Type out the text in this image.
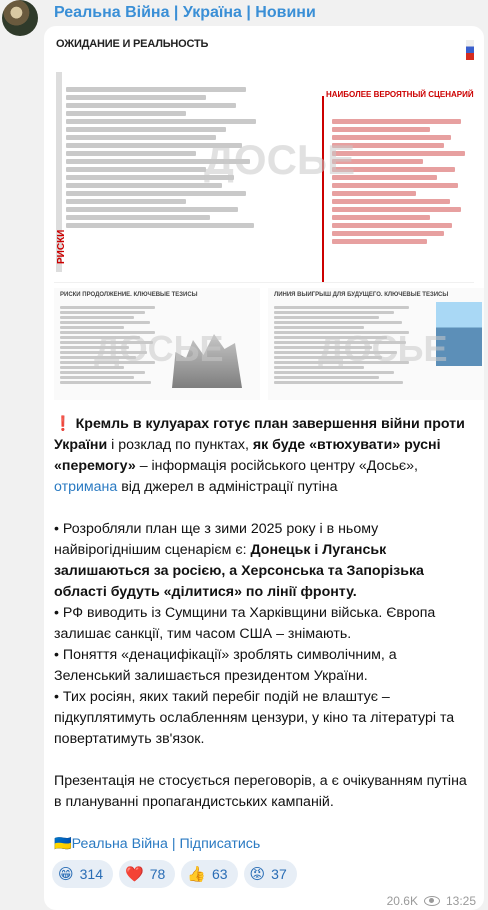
Реальна Війна | Україна | Новини
ОЖИДАНИЕ И РЕАЛЬНОСТЬ
РИСКИ
НАИБОЛЕЕ ВЕРОЯТНЫЙ СЦЕНАРИЙ
ДОСЬЕ
РИСКИ ПРОДОЛЖЕНИЕ. КЛЮЧЕВЫЕ ТЕЗИСЫ
ДОСЬЕ
ЛИНИЯ ВЫИГРЫШ ДЛЯ БУДУЩЕГО. КЛЮЧЕВЫЕ ТЕЗИСЫ
ДОСЬЕ

❗ Кремль в кулуарах готує план завершення війни проти України і розклад по пунктах, як буде «втюхувати» русні «перемогу» – інформація російського центру «Досьє», отримана від джерел в адміністрації путіна

• Розробляли план ще з зими 2025 року і в ньому найвірогіднішим сценарієм є: Донецьк і Луганськ залишаються за росією, а Херсонська та Запорізька області будуть «ділитися» по лінії фронту.

• РФ виводить із Сумщини та Харківщини війська. Європа залишає санкції, тим часом США – знімають.

• Поняття «денацифікації» зроблять символічним, а Зеленський залишається президентом України.

• Тих росіян, яких такий перебіг подій не влаштує – підкуплятимуть ослабленням цензури, у кіно та літературі та повертатимуть зв'язок.

Презентація не стосується переговорів, а є очікуванням путіна в плануванні пропагандистських кампаній.

🇺🇦Реальна Війна | Підписатись

😁 314 ❤️ 78 👍 63 😡 37
20.6K 13:25
